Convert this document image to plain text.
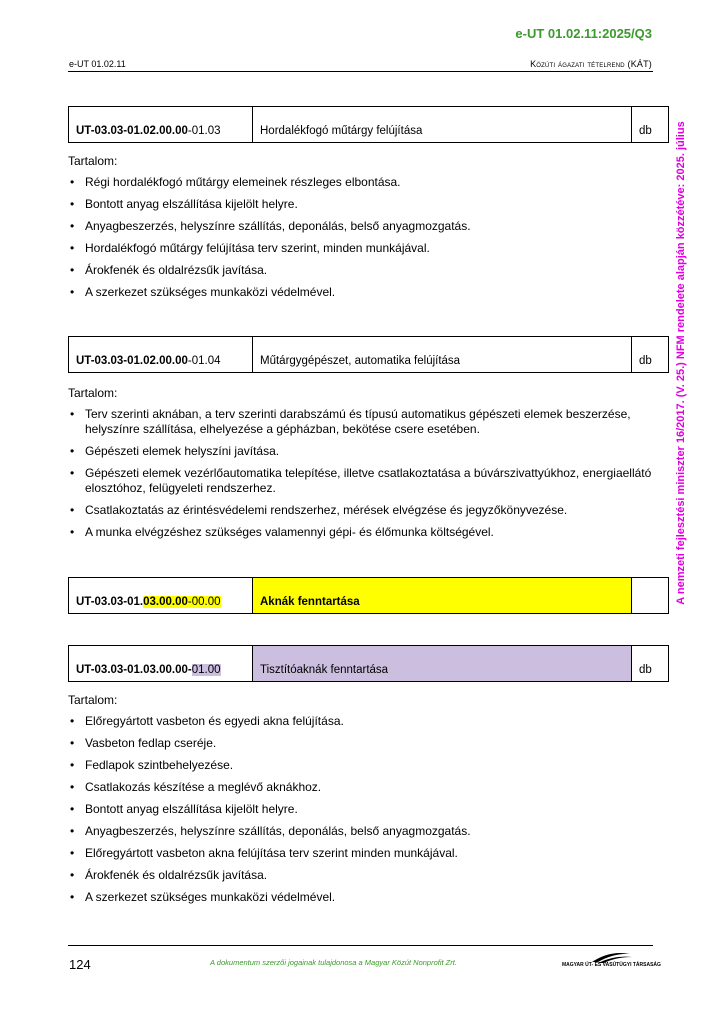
e-UT 01.02.11:2025/Q3
e-UT 01.02.11	Közúti ágazati tételrend (KÁT)
A nemzeti fejlesztési miniszter 16/2017. (V. 25.) NFM rendelete alapján közzétéve: 2025. július
UT-03.03-01.02.00.00-01.03	Hordalékfogó műtárgy felújítása	db
Tartalom:
• Régi hordalékfogó műtárgy elemeinek részleges elbontása.
• Bontott anyag elszállítása kijelölt helyre.
• Anyagbeszerzés, helyszínre szállítás, deponálás, belső anyagmozgatás.
• Hordalékfogó műtárgy felújítása terv szerint, minden munkájával.
• Árokfenék és oldalrézsűk javítása.
• A szerkezet szükséges munkaközi védelmével.
UT-03.03-01.02.00.00-01.04	Műtárgygépészet, automatika felújítása	db
Tartalom:
• Terv szerinti aknában, a terv szerinti darabszámú és típusú automatikus gépészeti elemek beszerzése, helyszínre szállítása, elhelyezése a gépházban, bekötése csere esetében.
• Gépészeti elemek helyszíni javítása.
• Gépészeti elemek vezérlőautomatika telepítése, illetve csatlakoztatása a búvárszivattyúkhoz, energiaellátó elosztóhoz, felügyeleti rendszerhez.
• Csatlakoztatás az érintésvédelemi rendszerhez, mérések elvégzése és jegyzőkönyvezése.
• A munka elvégzéshez szükséges valamennyi gépi- és élőmunka költségével.
UT-03.03-01.03.00.00-00.00	Aknák fenntartása	
UT-03.03-01.03.00.00-01.00	Tisztítóaknák fenntartása	db
Tartalom:
• Előregyártott vasbeton és egyedi akna felújítása.
• Vasbeton fedlap cseréje.
• Fedlapok szintbehelyezése.
• Csatlakozás készítése a meglévő aknákhoz.
• Bontott anyag elszállítása kijelölt helyre.
• Anyagbeszerzés, helyszínre szállítás, deponálás, belső anyagmozgatás.
• Előregyártott vasbeton akna felújítása terv szerint minden munkájával.
• Árokfenék és oldalrézsűk javítása.
• A szerkezet szükséges munkaközi védelmével.
124	A dokumentum szerzői jogainak tulajdonosa a Magyar Közút Nonprofit Zrt.	MAGYAR ÚT- ÉS VASÚTÜGYI TÁRSASÁG
